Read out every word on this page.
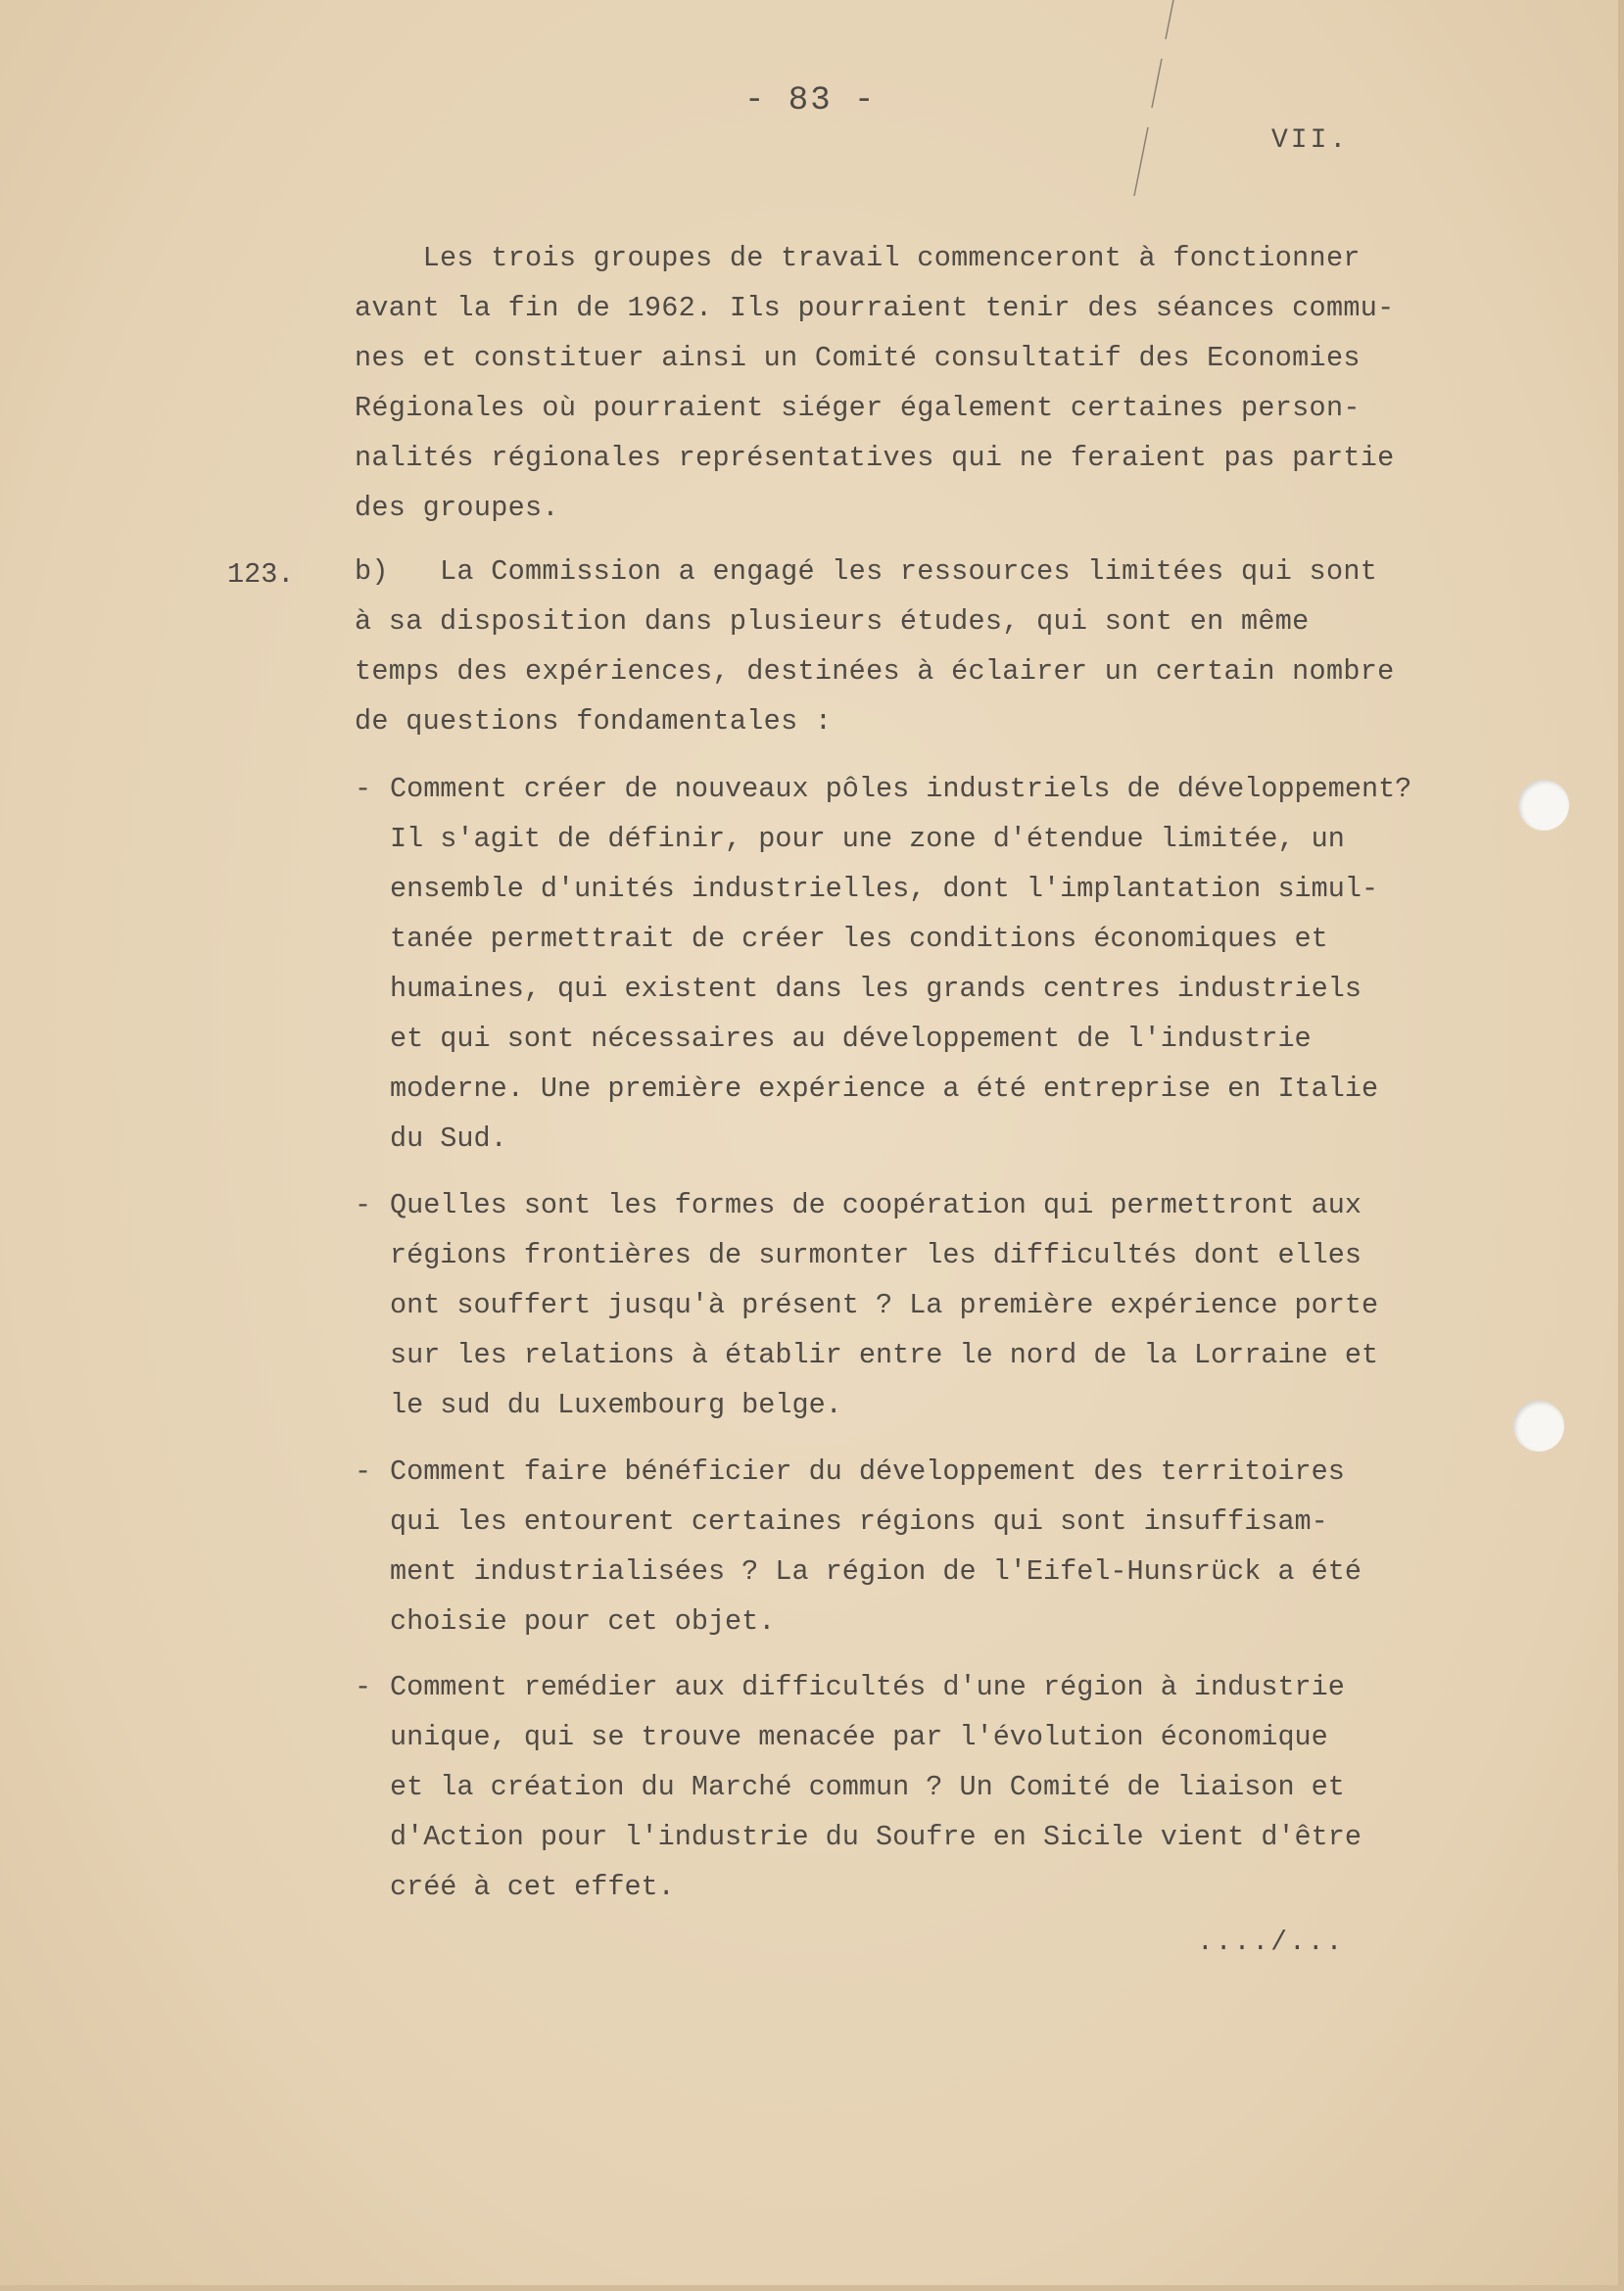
- 83 -
VII.
Les trois groupes de travail commenceront à fonctionner
avant la fin de 1962. Ils pourraient tenir des séances commu-
nes et constituer ainsi un Comité consultatif des Economies
Régionales où pourraient siéger également certaines person-
nalités régionales représentatives qui ne feraient pas partie
des groupes.
123. b)   La Commission a engagé les ressources limitées qui sont
à sa disposition dans plusieurs études, qui sont en même
temps des expériences, destinées à éclairer un certain nombre
de questions fondamentales :
- Comment créer de nouveaux pôles industriels de développement?
Il s'agit de définir, pour une zone d'étendue limitée, un
ensemble d'unités industrielles, dont l'implantation simul-
tanée permettrait de créer les conditions économiques et
humaines, qui existent dans les grands centres industriels
et qui sont nécessaires au développement de l'industrie
moderne. Une première expérience a été entreprise en Italie
du Sud.
- Quelles sont les formes de coopération qui permettront aux
régions frontières de surmonter les difficultés dont elles
ont souffert jusqu'à présent ? La première expérience porte
sur les relations à établir entre le nord de la Lorraine et
le sud du Luxembourg belge.
- Comment faire bénéficier du développement des territoires
qui les entourent certaines régions qui sont insuffisam-
ment industrialisées ? La région de l'Eifel-Hunsrück a été
choisie pour cet objet.
- Comment remédier aux difficultés d'une région à industrie
unique, qui se trouve menacée par l'évolution économique
et la création du Marché commun ? Un Comité de liaison et
d'Action pour l'industrie du Soufre en Sicile vient d'être
créé à cet effet.
..../...
